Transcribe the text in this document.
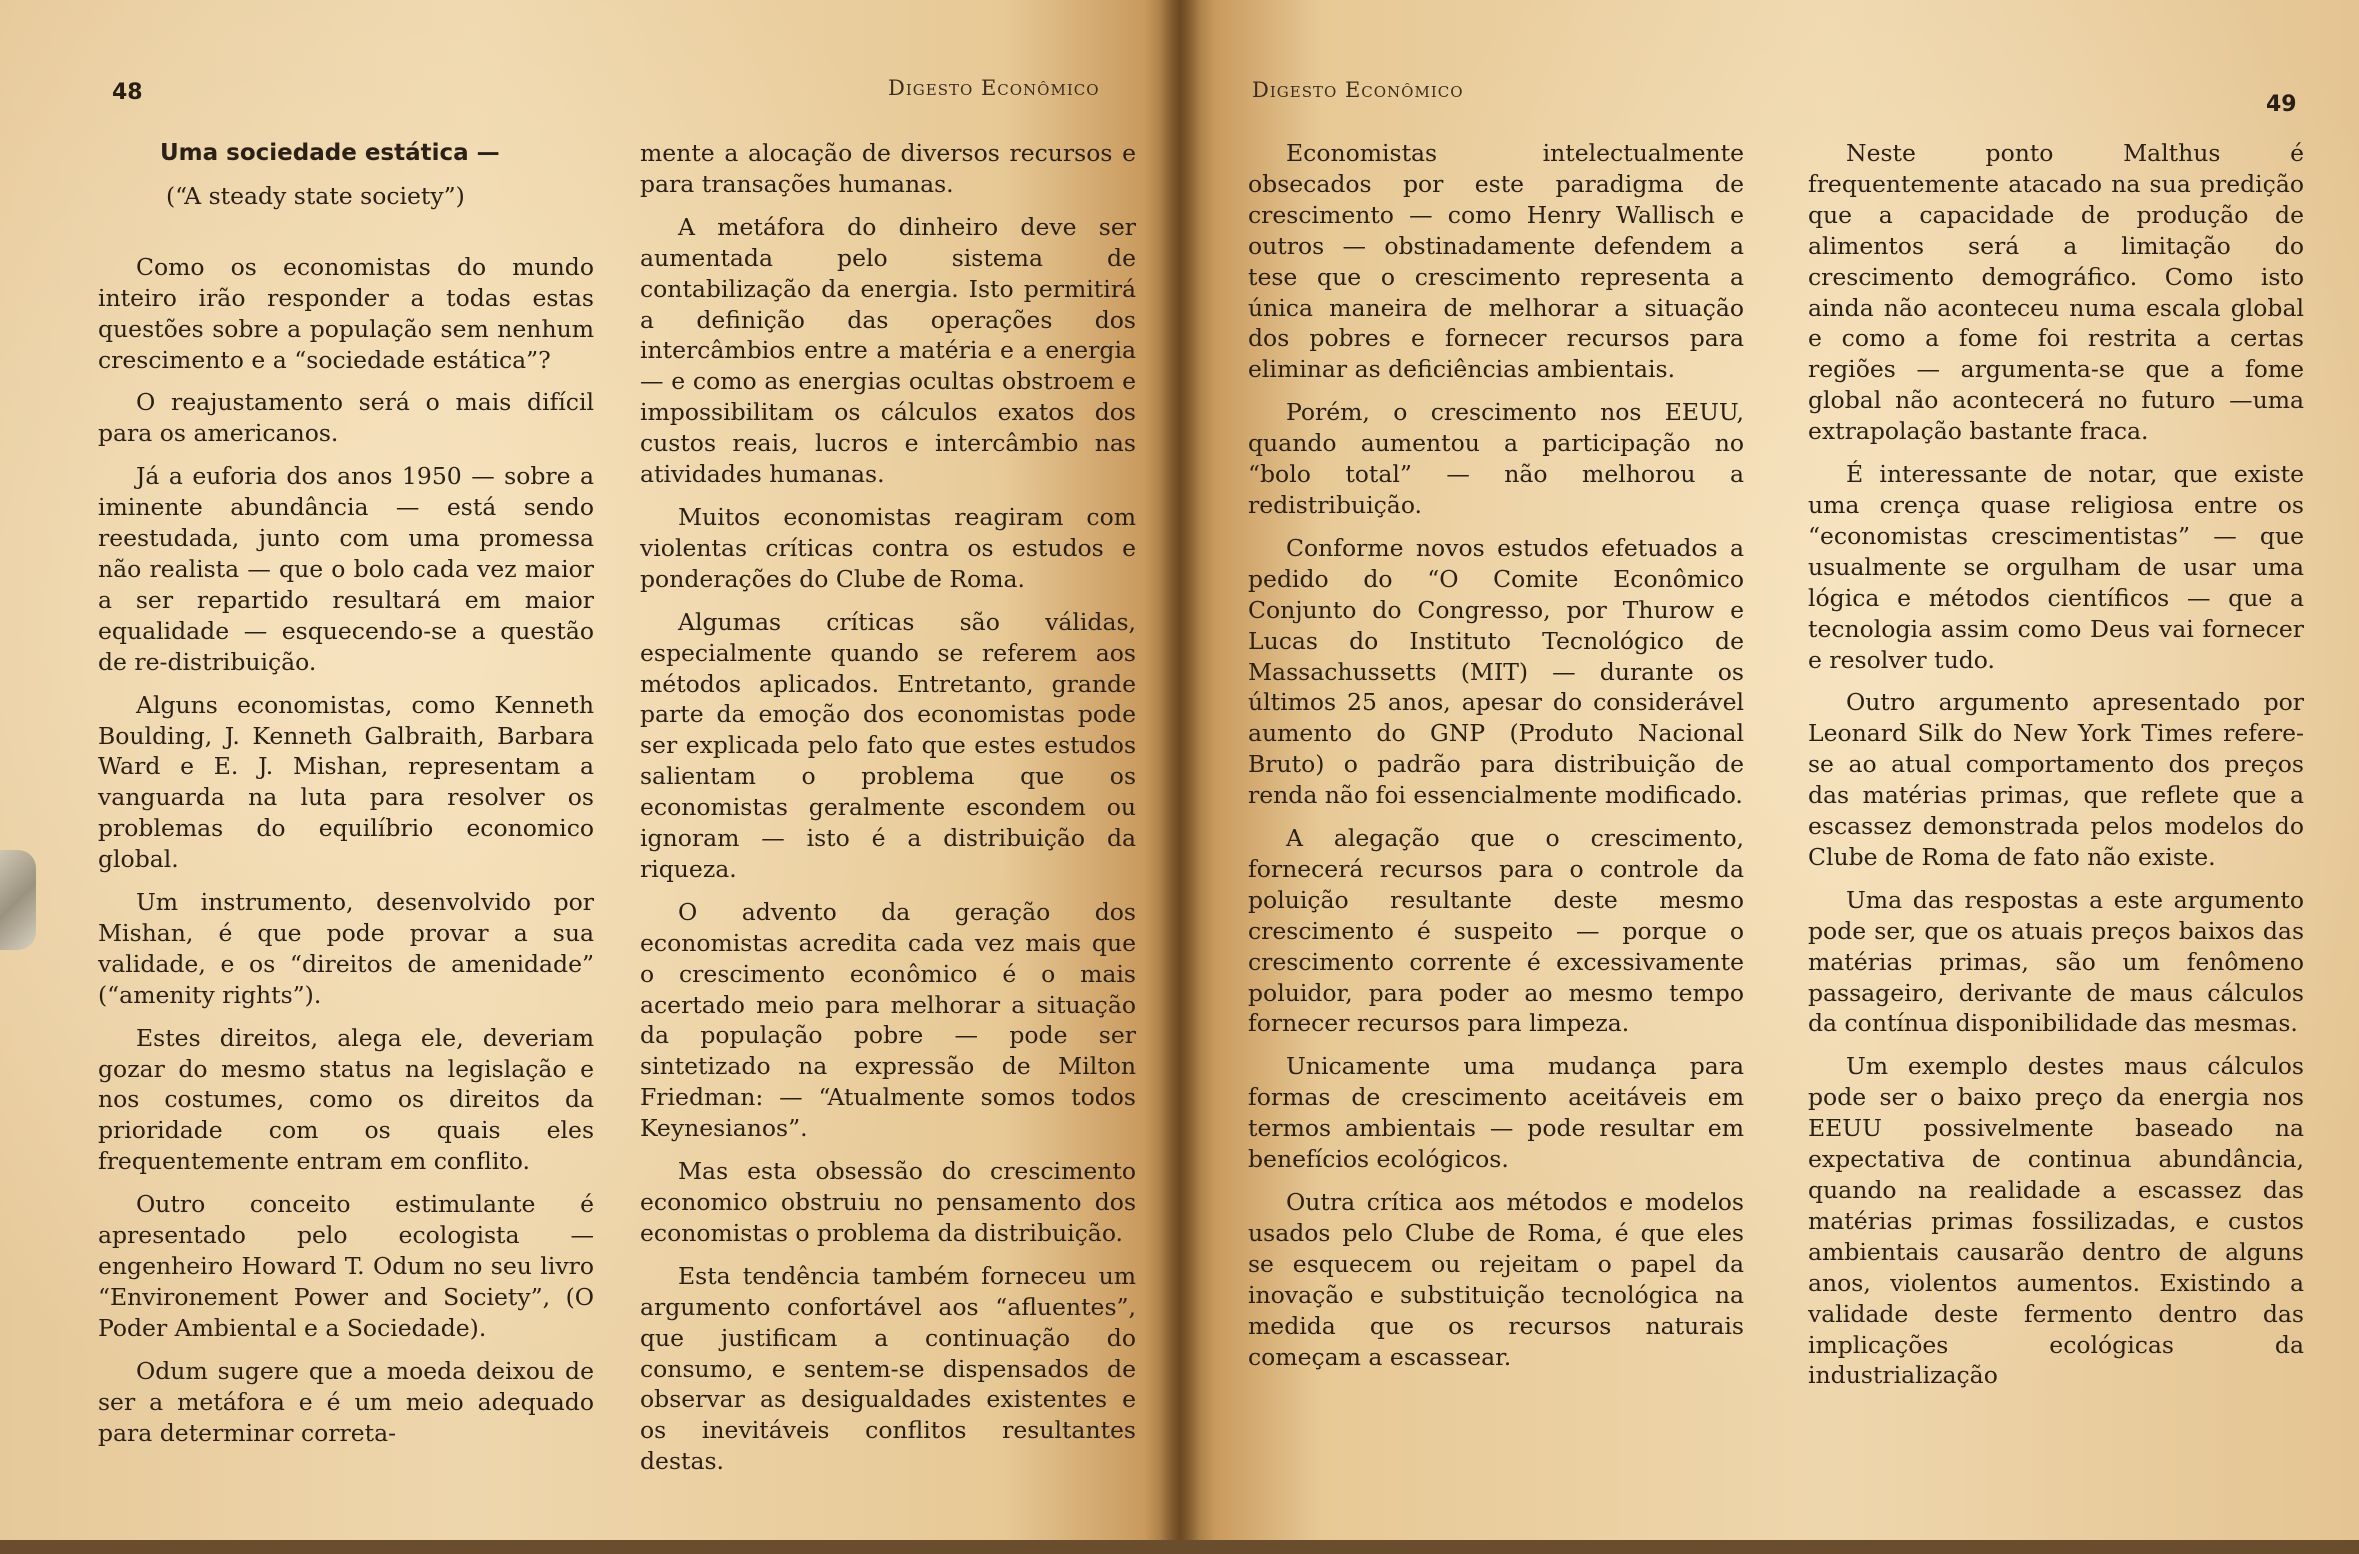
48	Digesto Econômico

Uma sociedade estática —

(“A steady state society”)

Como os economistas do mundo inteiro irão responder a todas estas questões sobre a população sem nenhum crescimento e a “sociedade estática”?

O reajustamento será o mais difícil para os americanos.

Já a euforia dos anos 1950 — sobre a iminente abundância — está sendo reestudada, junto com uma promessa não realista — que o bolo cada vez maior a ser repartido resultará em maior equalidade — esquecendo-se a questão de re-distribuição.

Alguns economistas, como Kenneth Boulding, J. Kenneth Galbraith, Barbara Ward e E. J. Mishan, representam a vanguarda na luta para resolver os problemas do equilíbrio economico global.

Um instrumento, desenvolvido por Mishan, é que pode provar a sua validade, e os “direitos de amenidade” (“amenity rights”).

Estes direitos, alega ele, deveriam gozar do mesmo status na legislação e nos costumes, como os direitos da prioridade com os quais eles frequentemente entram em conflito.

Outro conceito estimulante é apresentado pelo ecologista — engenheiro Howard T. Odum no seu livro “Environement Power and Society”, (O Poder Ambiental e a Sociedade).

Odum sugere que a moeda deixou de ser a metáfora e é um meio adequado para determinar correta-

mente a alocação de diversos recursos e para transações humanas.

A metáfora do dinheiro deve ser aumentada pelo sistema de contabilização da energia. Isto permitirá a definição das operações dos intercâmbios entre a matéria e a energia — e como as energias ocultas obstroem e impossibilitam os cálculos exatos dos custos reais, lucros e intercâmbio nas atividades humanas.

Muitos economistas reagiram com violentas críticas contra os estudos e ponderações do Clube de Roma.

Algumas críticas são válidas, especialmente quando se referem aos métodos aplicados. Entretanto, grande parte da emoção dos economistas pode ser explicada pelo fato que estes estudos salientam o problema que os economistas geralmente escondem ou ignoram — isto é a distribuição da riqueza.

O advento da geração dos economistas acredita cada vez mais que o crescimento econômico é o mais acertado meio para melhorar a situação da população pobre — pode ser sintetizado na expressão de Milton Friedman: — “Atualmente somos todos Keynesianos”.

Mas esta obsessão do crescimento economico obstruiu no pensamento dos economistas o problema da distribuição.

Esta tendência também forneceu um argumento confortável aos “afluentes”, que justificam a continuação do consumo, e sentem-se dispensados de observar as desigualdades existentes e os inevitáveis conflitos resultantes destas.

Digesto Econômico
49

Economistas intelectualmente obsecados por este paradigma de crescimento — como Henry Wallisch e outros — obstinadamente defendem a tese que o crescimento representa a única maneira de melhorar a situação dos pobres e fornecer recursos para eliminar as deficiências ambientais.

Porém, o crescimento nos EEUU, quando aumentou a participação no “bolo total” — não melhorou a redistribuição.

Conforme novos estudos efetuados a pedido do “O Comite Econômico Conjunto do Congresso, por Thurow e Lucas do Instituto Tecnológico de Massachussetts (MIT) — durante os últimos 25 anos, apesar do considerável aumento do GNP (Produto Nacional Bruto) o padrão para distribuição de renda não foi essencialmente modificado.

A alegação que o crescimento, fornecerá recursos para o controle da poluição resultante deste mesmo crescimento é suspeito — porque o crescimento corrente é excessivamente poluidor, para poder ao mesmo tempo fornecer recursos para limpeza.

Unicamente uma mudança para formas de crescimento aceitáveis em termos ambientais — pode resultar em benefícios ecológicos.

Outra crítica aos métodos e modelos usados pelo Clube de Roma, é que eles se esquecem ou rejeitam o papel da inovação e substituição tecnológica na medida que os recursos naturais começam a escassear.

Neste ponto Malthus é frequentemente atacado na sua predição que a capacidade de produção de alimentos será a limitação do crescimento demográfico. Como isto ainda não aconteceu numa escala global e como a fome foi restrita a certas regiões — argumenta-se que a fome global não acontecerá no futuro —uma extrapolação bastante fraca.

É interessante de notar, que existe uma crença quase religiosa entre os “economistas crescimentistas” — que usualmente se orgulham de usar uma lógica e métodos científicos — que a tecnologia assim como Deus vai fornecer e resolver tudo.

Outro argumento apresentado por Leonard Silk do New York Times refere-se ao atual comportamento dos preços das matérias primas, que reflete que a escassez demonstrada pelos modelos do Clube de Roma de fato não existe.

Uma das respostas a este argumento pode ser, que os atuais preços baixos das matérias primas, são um fenômeno passageiro, derivante de maus cálculos da contínua disponibilidade das mesmas.

Um exemplo destes maus cálculos pode ser o baixo preço da energia nos EEUU possivelmente baseado na expectativa de continua abundância, quando na realidade a escassez das matérias primas fossilizadas, e custos ambientais causarão dentro de alguns anos, violentos aumentos. Existindo a validade deste fermento dentro das implicações ecológicas da industrialização
